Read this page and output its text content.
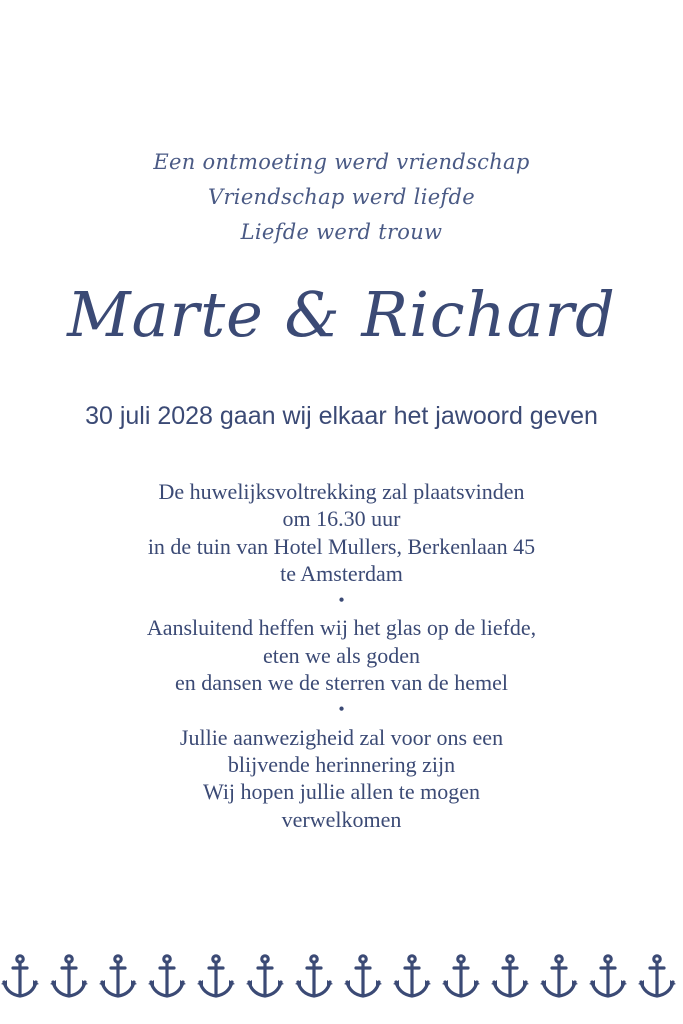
Een ontmoeting werd vriendschap
Vriendschap werd liefde
Liefde werd trouw
Marte & Richard
30 juli 2028 gaan wij elkaar het jawoord geven
De huwelijksvoltrekking zal plaatsvinden
om 16.30 uur
in de tuin van Hotel Mullers, Berkenlaan 45
te Amsterdam
•
Aansluitend heffen wij het glas op de liefde,
eten we als goden
en dansen we de sterren van de hemel
•
Jullie aanwezigheid zal voor ons een
blijvende herinnering zijn
Wij hopen jullie allen te mogen
verwelkomen
